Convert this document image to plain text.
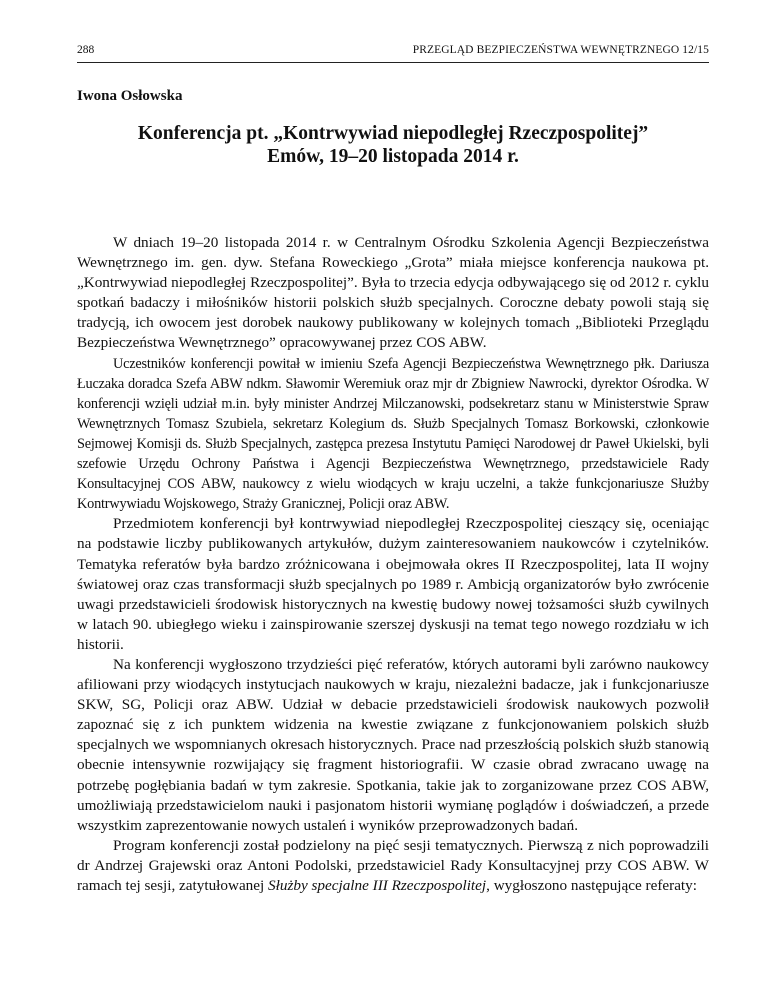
288	PRZEGLĄD BEZPIECZEŃSTWA WEWNĘTRZNEGO 12/15
Iwona Osłowska
Konferencja pt. „Kontrwywiad niepodległej Rzeczpospolitej”
Emów, 19–20 listopada 2014 r.

W dniach 19–20 listopada 2014 r. w Centralnym Ośrodku Szkolenia Agencji Bezpieczeństwa Wewnętrznego im. gen. dyw. Stefana Roweckiego „Grota” miała miejsce konferencja naukowa pt. „Kontrwywiad niepodległej Rzeczpospolitej”. Była to trzecia edycja odbywającego się od 2012 r. cyklu spotkań badaczy i miłośników historii polskich służb specjalnych. Coroczne debaty powoli stają się tradycją, ich owocem jest dorobek naukowy publikowany w kolejnych tomach „Biblioteki Przeglądu Bezpieczeństwa Wewnętrznego” opracowywanej przez COS ABW.

Uczestników konferencji powitał w imieniu Szefa Agencji Bezpieczeństwa Wewnętrznego płk. Dariusza Łuczaka doradca Szefa ABW ndkm. Sławomir Weremiuk oraz mjr dr Zbigniew Nawrocki, dyrektor Ośrodka. W konferencji wzięli udział m.in. były minister Andrzej Milczanowski, podsekretarz stanu w Ministerstwie Spraw Wewnętrznych Tomasz Szubiela, sekretarz Kolegium ds. Służb Specjalnych Tomasz Borkowski, członkowie Sejmowej Komisji ds. Służb Specjalnych, zastępca prezesa Instytutu Pamięci Narodowej dr Paweł Ukielski, byli szefowie Urzędu Ochrony Państwa i Agencji Bezpieczeństwa Wewnętrznego, przedstawiciele Rady Konsultacyjnej COS ABW, naukowcy z wielu wiodących w kraju uczelni, a także funkcjonariusze Służby Kontrwywiadu Wojskowego, Straży Granicznej, Policji oraz ABW.

Przedmiotem konferencji był kontrwywiad niepodległej Rzeczpospolitej cieszący się, oceniając na podstawie liczby publikowanych artykułów, dużym zainteresowaniem naukowców i czytelników. Tematyka referatów była bardzo zróżnicowana i obejmowała okres II Rzeczpospolitej, lata II wojny światowej oraz czas transformacji służb specjalnych po 1989 r. Ambicją organizatorów było zwrócenie uwagi przedstawicieli środowisk historycznych na kwestię budowy nowej tożsamości służb cywilnych w latach 90. ubiegłego wieku i zainspirowanie szerszej dyskusji na temat tego nowego rozdziału w ich historii.

Na konferencji wygłoszono trzydzieści pięć referatów, których autorami byli zarówno naukowcy afiliowani przy wiodących instytucjach naukowych w kraju, niezależni badacze, jak i funkcjonariusze SKW, SG, Policji oraz ABW. Udział w debacie przedstawicieli środowisk naukowych pozwolił zapoznać się z ich punktem widzenia na kwestie związane z funkcjonowaniem polskich służb specjalnych we wspomnianych okresach historycznych. Prace nad przeszłością polskich służb stanowią obecnie intensywnie rozwijający się fragment historiografii. W czasie obrad zwracano uwagę na potrzebę pogłębiania badań w tym zakresie. Spotkania, takie jak to zorganizowane przez COS ABW, umożliwiają przedstawicielom nauki i pasjonatom historii wymianę poglądów i doświadczeń, a przede wszystkim zaprezentowanie nowych ustaleń i wyników przeprowadzonych badań.

Program konferencji został podzielony na pięć sesji tematycznych. Pierwszą z nich poprowadzili dr Andrzej Grajewski oraz Antoni Podolski, przedstawiciel Rady Konsultacyjnej przy COS ABW. W ramach tej sesji, zatytułowanej Służby specjalne III Rzeczpospolitej, wygłoszono następujące referaty:
